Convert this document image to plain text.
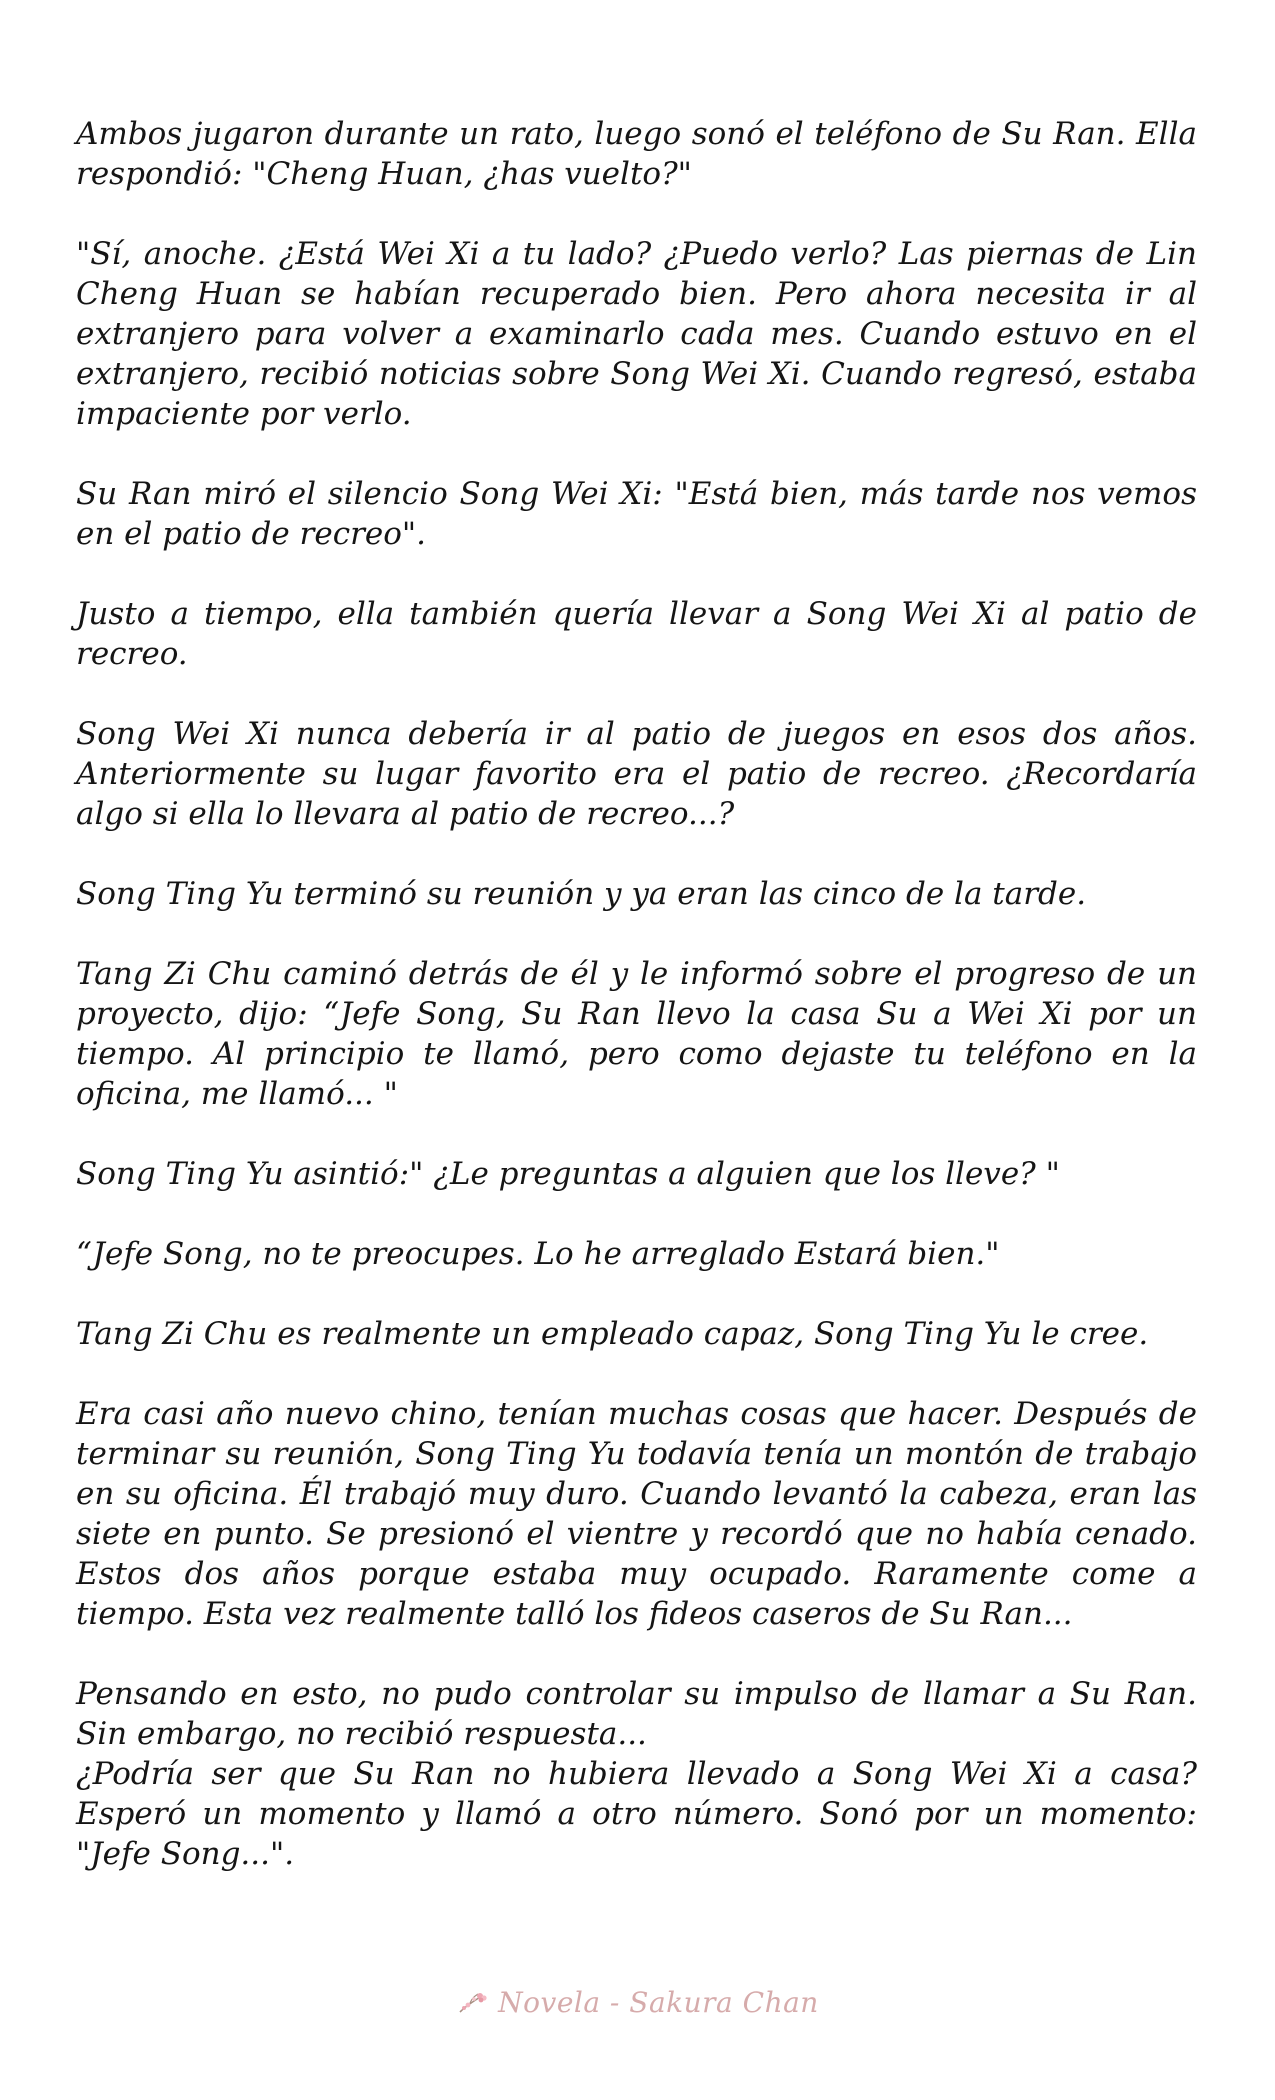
Ambos jugaron durante un rato, luego sonó el teléfono de Su Ran. Ella respondió: "Cheng Huan, ¿has vuelto?"

"Sí, anoche. ¿Está Wei Xi a tu lado? ¿Puedo verlo? Las piernas de Lin Cheng Huan se habían recuperado bien. Pero ahora necesita ir al extranjero para volver a examinarlo cada mes. Cuando estuvo en el extranjero, recibió noticias sobre Song Wei Xi. Cuando regresó, estaba impaciente por verlo.

Su Ran miró el silencio Song Wei Xi: "Está bien, más tarde nos vemos en el patio de recreo".

Justo a tiempo, ella también quería llevar a Song Wei Xi al patio de recreo.

Song Wei Xi nunca debería ir al patio de juegos en esos dos años. Anteriormente su lugar favorito era el patio de recreo. ¿Recordaría algo si ella lo llevara al patio de recreo...?

Song Ting Yu terminó su reunión y ya eran las cinco de la tarde.

Tang Zi Chu caminó detrás de él y le informó sobre el progreso de un proyecto, dijo: “Jefe Song, Su Ran llevo la casa Su a Wei Xi por un tiempo. Al principio te llamó, pero como dejaste tu teléfono en la oficina, me llamó... "

Song Ting Yu asintió:" ¿Le preguntas a alguien que los lleve? "

“Jefe Song, no te preocupes. Lo he arreglado Estará bien."

Tang Zi Chu es realmente un empleado capaz, Song Ting Yu le cree.

Era casi año nuevo chino, tenían muchas cosas que hacer. Después de terminar su reunión, Song Ting Yu todavía tenía un montón de trabajo en su oficina. Él trabajó muy duro. Cuando levantó la cabeza, eran las siete en punto. Se presionó el vientre y recordó que no había cenado. Estos dos años porque estaba muy ocupado. Raramente come a tiempo. Esta vez realmente talló los fideos caseros de Su Ran...

Pensando en esto, no pudo controlar su impulso de llamar a Su Ran. Sin embargo, no recibió respuesta...

¿Podría ser que Su Ran no hubiera llevado a Song Wei Xi a casa? Esperó un momento y llamó a otro número. Sonó por un momento: "Jefe Song...".

Novela - Sakura Chan
